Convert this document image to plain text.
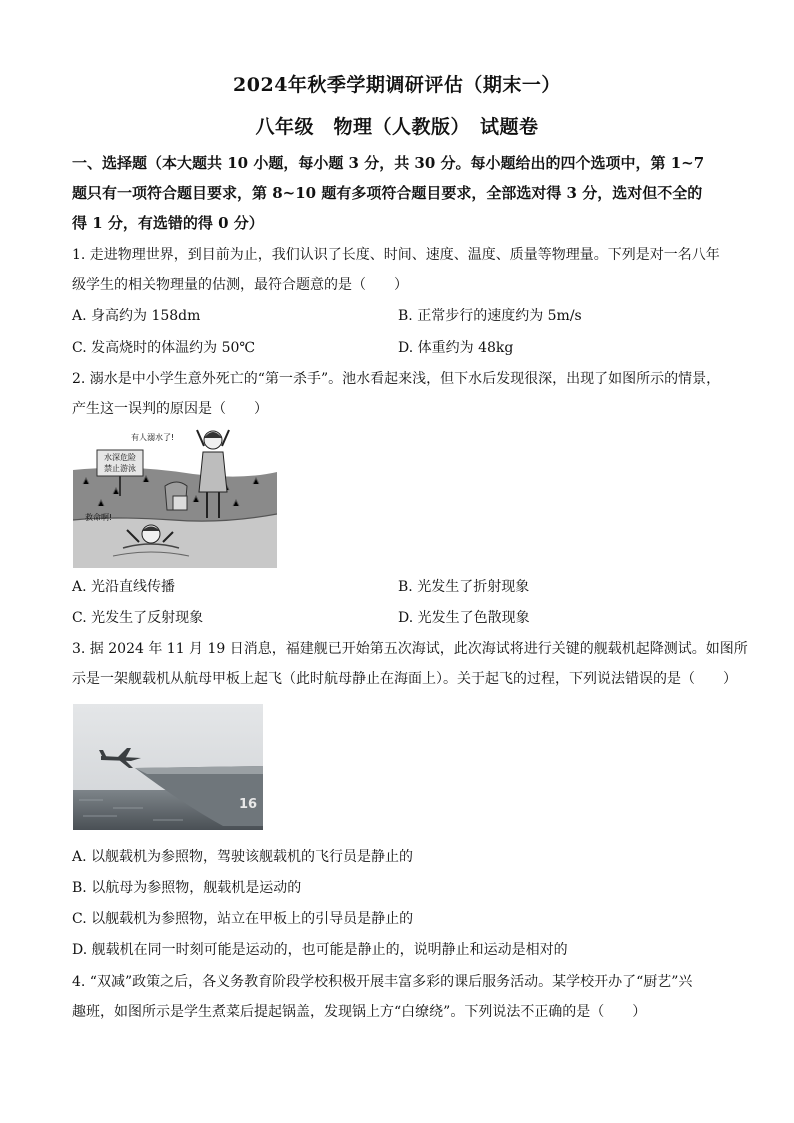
2024年秋季学期调研评估（期末一）
八年级　物理（人教版）　试题卷
一、选择题（本大题共 10 小题，每小题 3 分，共 30 分。每小题给出的四个选项中，第 1~7
题只有一项符合题目要求，第 8~10 题有多项符合题目要求，全部选对得 3 分，选对但不全的
得 1 分，有选错的得 0 分）
1. 走进物理世界，到目前为止，我们认识了长度、时间、速度、温度、质量等物理量。下列是对一名八年
级学生的相关物理量的估测，最符合题意的是（　　）
A. 身高约为 158dm	B. 正常步行的速度约为 5m/s
C. 发高烧时的体温约为 50℃	D. 体重约为 48kg
2. 溺水是中小学生意外死亡的“第一杀手”。池水看起来浅，但下水后发现很深，出现了如图所示的情景，
产生这一误判的原因是（　　）
水深危险
禁止游泳
有人溺水了!
救命啊!
A. 光沿直线传播	B. 光发生了折射现象
C. 光发生了反射现象	D. 光发生了色散现象
3. 据 2024 年 11 月 19 日消息，福建舰已开始第五次海试，此次海试将进行关键的舰载机起降测试。如图所
示是一架舰载机从航母甲板上起飞（此时航母静止在海面上）。关于起飞的过程，下列说法错误的是（　　）
16
A. 以舰载机为参照物，驾驶该舰载机的飞行员是静止的
B. 以航母为参照物，舰载机是运动的
C. 以舰载机为参照物，站立在甲板上的引导员是静止的
D. 舰载机在同一时刻可能是运动的，也可能是静止的，说明静止和运动是相对的
4. “双减”政策之后，各义务教育阶段学校积极开展丰富多彩的课后服务活动。某学校开办了“厨艺”兴
趣班，如图所示是学生煮菜后提起锅盖，发现锅上方“白缭绕”。下列说法不正确的是（　　）
